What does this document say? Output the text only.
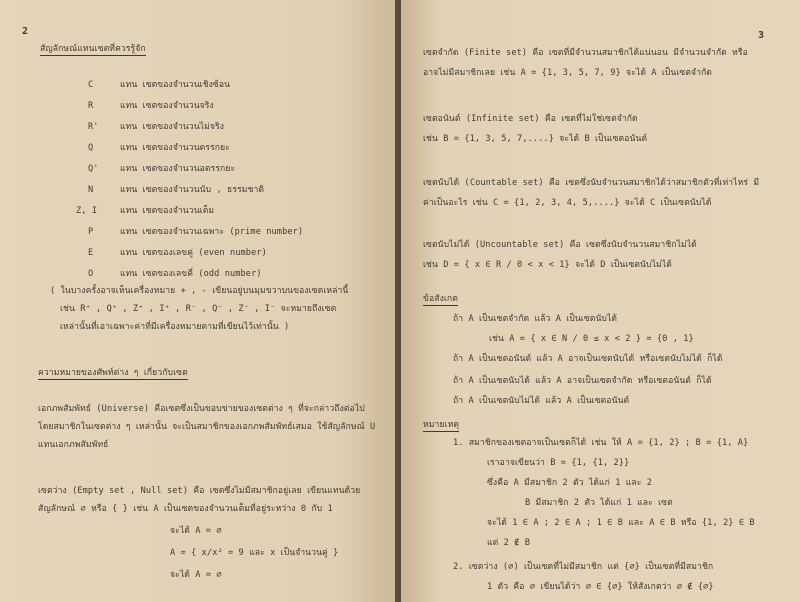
2
สัญลักษณ์แทนเซตที่ควรรู้จัก
C	แทน เซตของจำนวนเชิงซ้อน
R	แทน เซตของจำนวนจริง
R' แทน เซตของจำนวนไม่จริง
Q	แทน เซตของจำนวนตรรกยะ
Q' แทน เซตของจำนวนอตรรกยะ
N	แทน เซตของจำนวนนับ , ธรรมชาติ
Z, I	แทน เซตของจำนวนเต็ม
P	แทน เซตของจำนวนเฉพาะ (prime number)
E	แทน เซตของเลขคู่ (even number)
O	แทน เซตของเลขคี่ (odd number)
( ในบางครั้งอาจเห็นเครื่องหมาย + , - เขียนอยู่บนมุมขวาบนของเซตเหล่านี้
เช่น R⁺ , Q⁺ , Z⁺ , I⁺ , R⁻ , Q⁻ , Z⁻ , I⁻ จะหมายถึงเซต
เหล่านั้นที่เอาเฉพาะค่าที่มีเครื่องหมายตามที่เขียนไว้เท่านั้น )
ความหมายของศัพท์ต่าง ๆ เกี่ยวกับเซต
เอกภพสัมพัทธ์ (Universe) คือเซตซึ่งเป็นขอบข่ายของเซตต่าง ๆ ที่จะกล่าวถึงต่อไป
โดยสมาชิกในเซตต่าง ๆ เหล่านั้น จะเป็นสมาชิกของเอกภพสัมพัทธ์เสมอ ใช้สัญลักษณ์ U
แทนเอกภพสัมพัทธ์
เซตว่าง (Empty set , Null set) คือ เซตซึ่งไม่มีสมาชิกอยู่เลย เขียนแทนด้วย
สัญลักษณ์ ∅ หรือ { } เช่น A เป็นเซตของจำนวนเต็มที่อยู่ระหว่าง 0 กับ 1
จะได้ A = ∅
A = { x/x² = 9 และ x เป็นจำนวนคู่ }
จะได้ A = ∅
3
เซตจำกัด (Finite set) คือ เซตที่มีจำนวนสมาชิกได้แน่นอน มีจำนวนจำกัด หรือ
อาจไม่มีสมาชิกเลย เช่น A = {1, 3, 5, 7, 9} จะได้ A เป็นเซตจำกัด
เซตอนันต์ (Infinite set) คือ เซตที่ไม่ใช่เซตจำกัด
เช่น B = {1, 3, 5, 7,....} จะได้ B เป็นเซตอนันต์
เซตนับได้ (Countable set) คือ เซตซึ่งนับจำนวนสมาชิกได้ว่าสมาชิกตัวที่เท่าไหร่ มี
ค่าเป็นอะไร เช่น C = {1, 2, 3, 4, 5,....} จะได้ C เป็นเซตนับได้
เซตนับไม่ได้ (Uncountable set) คือ เซตซึ่งนับจำนวนสมาชิกไม่ได้
เช่น D = { x ∈ R / 0 < x < 1} จะได้ D เป็นเซตนับไม่ได้
ข้อสังเกต
ถ้า A เป็นเซตจำกัด แล้ว A เป็นเซตนับได้
เช่น A = { x ∈ N / 0 ≤ x < 2 } = {0 , 1}
ถ้า A เป็นเซตอนันต์ แล้ว A อาจเป็นเซตนับได้ หรือเซตนับไม่ได้ ก็ได้
ถ้า A เป็นเซตนับได้ แล้ว A อาจเป็นเซตจำกัด หรือเซตอนันต์ ก็ได้
ถ้า A เป็นเซตนับไม่ได้ แล้ว A เป็นเซตอนันต์
หมายเหตุ
1. สมาชิกของเซตอาจเป็นเซตก็ได้ เช่น ให้ A = {1, 2} ; B = {1, A}
เราอาจเขียนว่า B = {1, {1, 2}}
ซึ่งคือ A มีสมาชิก 2 ตัว ได้แก่ 1 และ 2
B มีสมาชิก 2 ตัว ได้แก่ 1 และ เซต
จะได้ 1 ∈ A ; 2 ∈ A ; 1 ∈ B และ A ∈ B หรือ {1, 2} ∈ B
แต่ 2 ∉ B
2. เซตว่าง (∅) เป็นเซตที่ไม่มีสมาชิก แต่ {∅} เป็นเซตที่มีสมาชิก
1 ตัว คือ ∅ เขียนได้ว่า ∅ ∈ {∅} ให้สังเกตว่า ∅ ∉ {∅}
